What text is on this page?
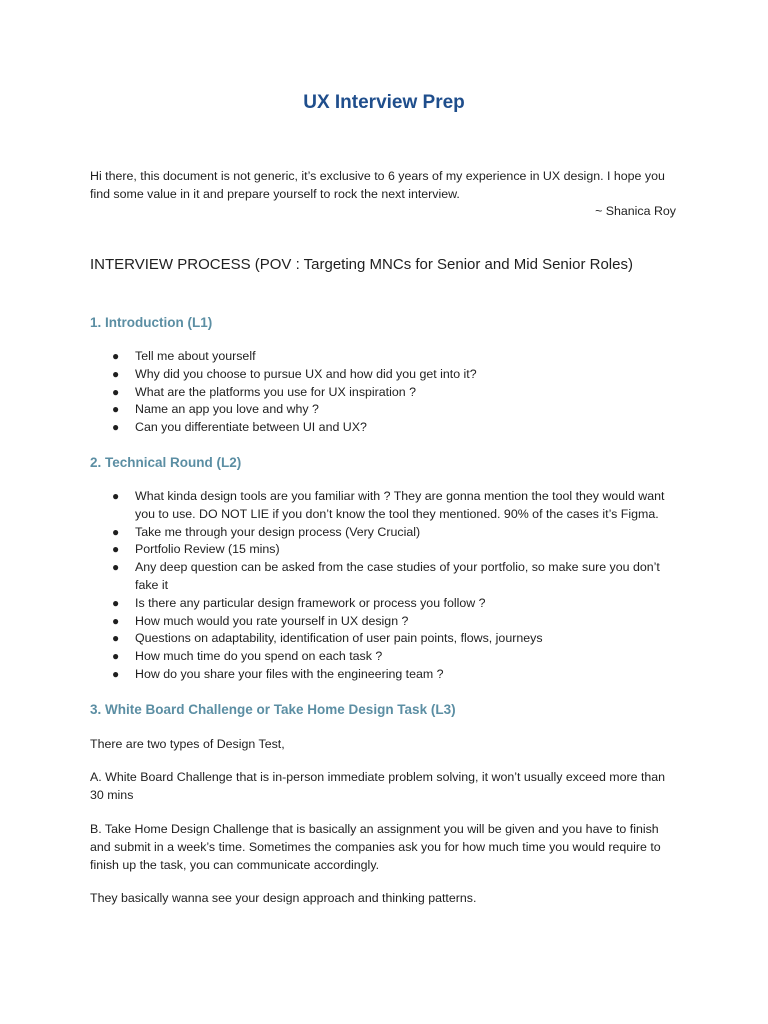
UX Interview Prep

Hi there, this document is not generic, it’s exclusive to 6 years of my experience in UX design. I hope you find some value in it and prepare yourself to rock the next interview.

~ Shanica Roy

INTERVIEW PROCESS (POV : Targeting MNCs for Senior and Mid Senior Roles)

1. Introduction (L1)
● Tell me about yourself
● Why did you choose to pursue UX and how did you get into it?
● What are the platforms you use for UX inspiration ?
● Name an app you love and why ?
● Can you differentiate between UI and UX?
2. Technical Round (L2)
● What kinda design tools are you familiar with ? They are gonna mention the tool they would want you to use. DO NOT LIE if you don’t know the tool they mentioned. 90% of the cases it’s Figma.
● Take me through your design process (Very Crucial)
● Portfolio Review (15 mins)
● Any deep question can be asked from the case studies of your portfolio, so make sure you don’t fake it
● Is there any particular design framework or process you follow ?
● How much would you rate yourself in UX design ?
● Questions on adaptability, identification of user pain points, flows, journeys
● How much time do you spend on each task ?
● How do you share your files with the engineering team ?
3. White Board Challenge or Take Home Design Task (L3)

There are two types of Design Test,

A. White Board Challenge that is in-person immediate problem solving, it won’t usually exceed more than 30 mins

B. Take Home Design Challenge that is basically an assignment you will be given and you have to finish and submit in a week’s time. Sometimes the companies ask you for how much time you would require to finish up the task, you can communicate accordingly.

They basically wanna see your design approach and thinking patterns.
